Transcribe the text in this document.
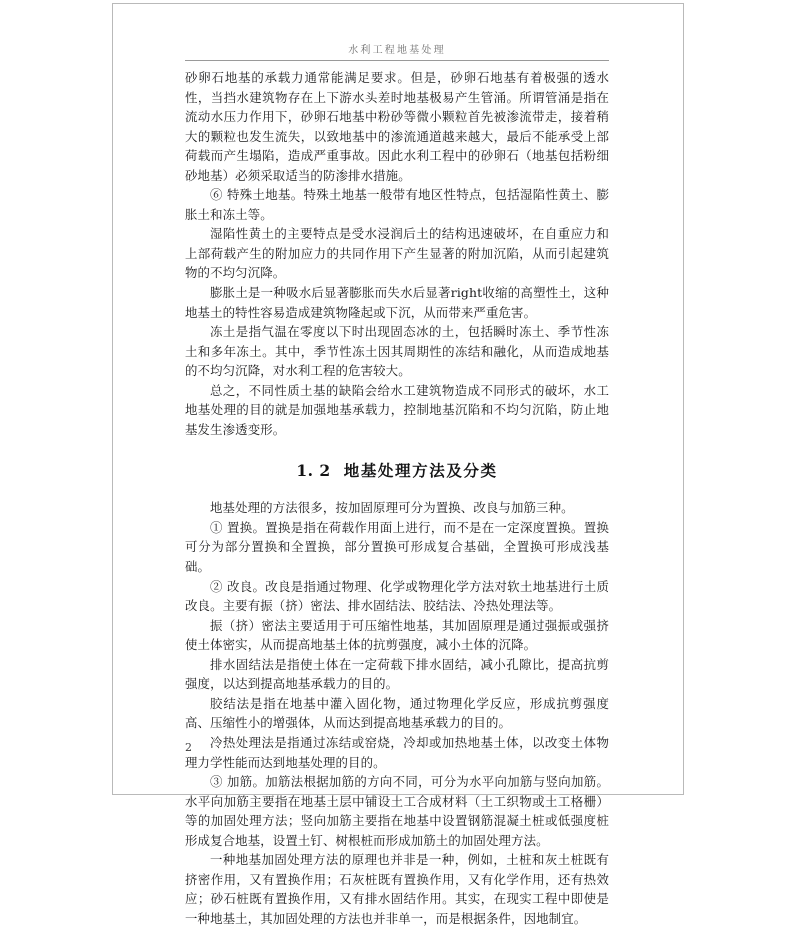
水利工程地基处理

砂卵石地基的承载力通常能满足要求。但是，砂卵石地基有着极强的透水性，当挡水建筑物存在上下游水头差时地基极易产生管涌。所谓管涌是指在流动水压力作用下，砂卵石地基中粉砂等微小颗粒首先被渗流带走，接着稍大的颗粒也发生流失，以致地基中的渗流通道越来越大，最后不能承受上部荷载而产生塌陷，造成严重事故。因此水利工程中的砂卵石（地基包括粉细砂地基）必须采取适当的防渗排水措施。

⑥ 特殊土地基。特殊土地基一般带有地区性特点，包括湿陷性黄土、膨胀土和冻土等。

湿陷性黄土的主要特点是受水浸润后土的结构迅速破坏，在自重应力和上部荷载产生的附加应力的共同作用下产生显著的附加沉陷，从而引起建筑物的不均匀沉降。

膨胀土是一种吸水后显著膨胀而失水后显著right收缩的高塑性土，这种地基土的特性容易造成建筑物隆起或下沉，从而带来严重危害。

冻土是指气温在零度以下时出现固态冰的土，包括瞬时冻土、季节性冻土和多年冻土。其中，季节性冻土因其周期性的冻结和融化，从而造成地基的不均匀沉降，对水利工程的危害较大。

总之，不同性质土基的缺陷会给水工建筑物造成不同形式的破坏，水工地基处理的目的就是加强地基承载力，控制地基沉陷和不均匀沉陷，防止地基发生渗透变形。

1. 2 地基处理方法及分类

地基处理的方法很多，按加固原理可分为置换、改良与加筋三种。

① 置换。置换是指在荷载作用面上进行，而不是在一定深度置换。置换可分为部分置换和全置换，部分置换可形成复合基础，全置换可形成浅基础。

② 改良。改良是指通过物理、化学或物理化学方法对软土地基进行土质改良。主要有振（挤）密法、排水固结法、胶结法、冷热处理法等。

振（挤）密法主要适用于可压缩性地基，其加固原理是通过强振或强挤使土体密实，从而提高地基土体的抗剪强度，减小土体的沉降。

排水固结法是指使土体在一定荷载下排水固结，减小孔隙比，提高抗剪强度，以达到提高地基承载力的目的。

胶结法是指在地基中灌入固化物，通过物理化学反应，形成抗剪强度高、压缩性小的增强体，从而达到提高地基承载力的目的。

冷热处理法是指通过冻结或窑烧，冷却或加热地基土体，以改变土体物理力学性能而达到地基处理的目的。

③ 加筋。加筋法根据加筋的方向不同，可分为水平向加筋与竖向加筋。水平向加筋主要指在地基土层中铺设土工合成材料（土工织物或土工格栅）等的加固处理方法；竖向加筋主要指在地基中设置钢筋混凝土桩或低强度桩形成复合地基，设置土钉、树根桩而形成加筋土的加固处理方法。

一种地基加固处理方法的原理也并非是一种，例如，土桩和灰土桩既有挤密作用，又有置换作用；石灰桩既有置换作用，又有化学作用，还有热效应；砂石桩既有置换作用，又有排水固结作用。其实，在现实工程中即使是一种地基土，其加固处理的方法也并非单一，而是根据条件，因地制宜。

2
